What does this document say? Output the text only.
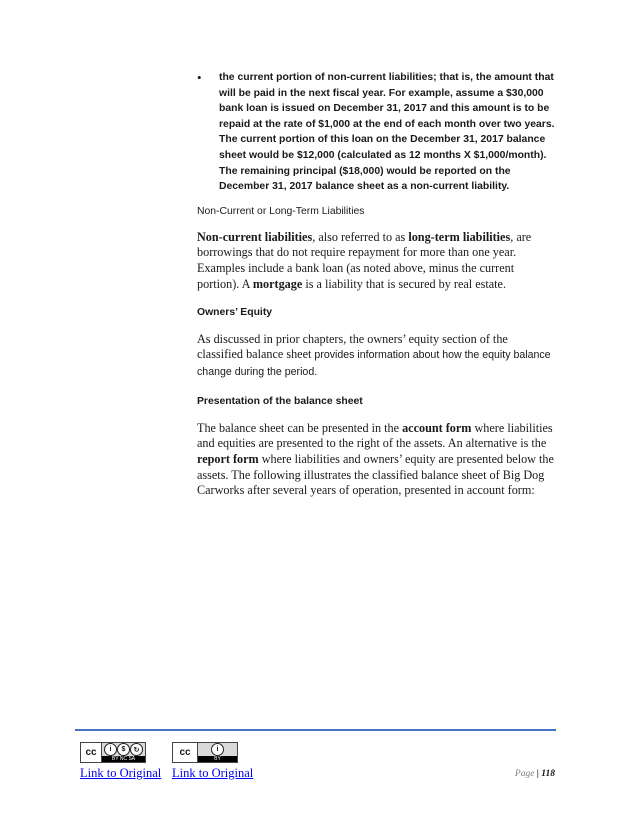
• the current portion of non-current liabilities; that is, the amount that will be paid in the next fiscal year. For example, assume a $30,000 bank loan is issued on December 31, 2017 and this amount is to be repaid at the rate of $1,000 at the end of each month over two years. The current portion of this loan on the December 31, 2017 balance sheet would be $12,000 (calculated as 12 months X $1,000/month). The remaining principal ($18,000) would be reported on the December 31, 2017 balance sheet as a non-current liability.
Non-Current or Long-Term Liabilities

Non-current liabilities, also referred to as long-term liabilities, are borrowings that do not require repayment for more than one year. Examples include a bank loan (as noted above, minus the current portion). A mortgage is a liability that is secured by real estate.

Owners’ Equity

As discussed in prior chapters, the owners’ equity section of the classified balance sheet provides information about how the equity balance change during the period.

Presentation of the balance sheet

The balance sheet can be presented in the account form where liabilities and equities are presented to the right of the assets. An alternative is the report form where liabilities and owners’ equity are presented below the assets. The following illustrates the classified balance sheet of Big Dog Carworks after several years of operation, presented in account form:

cc	i	$	↻
BY NC SA
cc	i
BY
Link to Original Link to Original	Page | 118
